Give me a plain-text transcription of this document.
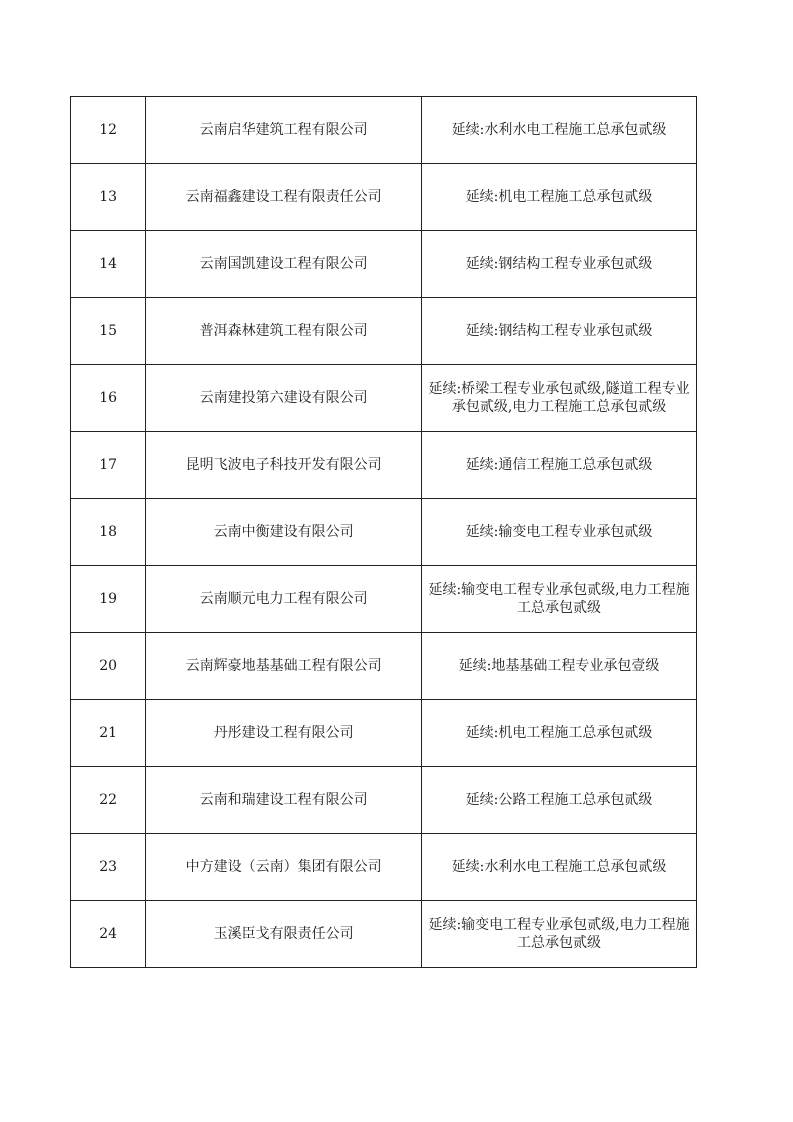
12	云南启华建筑工程有限公司	延续:水利水电工程施工总承包贰级
13	云南福鑫建设工程有限责任公司	延续:机电工程施工总承包贰级
14	云南国凯建设工程有限公司	延续:钢结构工程专业承包贰级
15	普洱森林建筑工程有限公司	延续:钢结构工程专业承包贰级
16	云南建投第六建设有限公司	延续:桥梁工程专业承包贰级,隧道工程专业承包贰级,电力工程施工总承包贰级
17	昆明飞波电子科技开发有限公司	延续:通信工程施工总承包贰级
18	云南中衡建设有限公司	延续:输变电工程专业承包贰级
19	云南顺元电力工程有限公司	延续:输变电工程专业承包贰级,电力工程施工总承包贰级
20	云南辉豪地基基础工程有限公司	延续:地基基础工程专业承包壹级
21	丹彤建设工程有限公司	延续:机电工程施工总承包贰级
22	云南和瑞建设工程有限公司	延续:公路工程施工总承包贰级
23	中方建设（云南）集团有限公司	延续:水利水电工程施工总承包贰级
24	玉溪臣戈有限责任公司	延续:输变电工程专业承包贰级,电力工程施工总承包贰级
